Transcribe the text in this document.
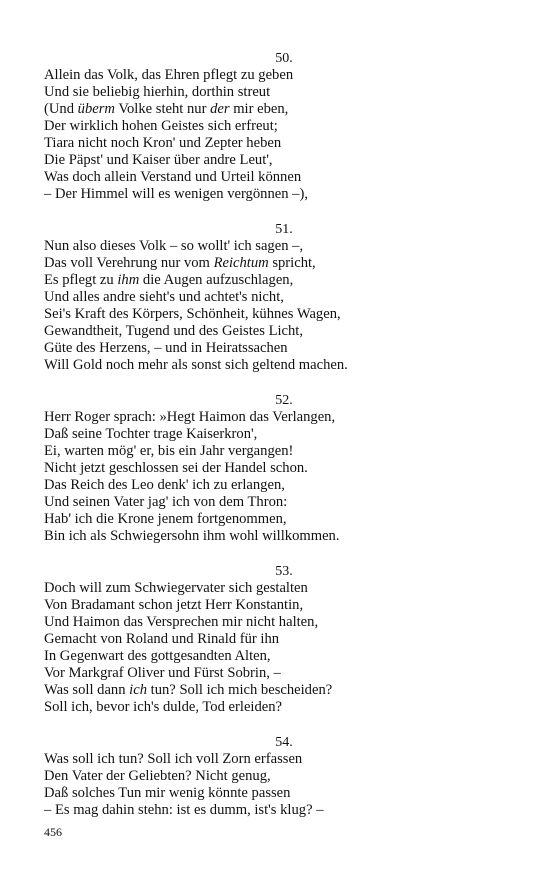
50.
Allein das Volk, das Ehren pflegt zu geben
Und sie beliebig hierhin, dorthin streut
(Und überm Volke steht nur der mir eben,
Der wirklich hohen Geistes sich erfreut;
Tiara nicht noch Kron' und Zepter heben
Die Päpst' und Kaiser über andre Leut',
Was doch allein Verstand und Urteil können
– Der Himmel will es wenigen vergönnen –),
51.
Nun also dieses Volk – so wollt' ich sagen –,
Das voll Verehrung nur vom Reichtum spricht,
Es pflegt zu ihm die Augen aufzuschlagen,
Und alles andre sieht's und achtet's nicht,
Sei's Kraft des Körpers, Schönheit, kühnes Wagen,
Gewandtheit, Tugend und des Geistes Licht,
Güte des Herzens, – und in Heiratssachen
Will Gold noch mehr als sonst sich geltend machen.
52.
Herr Roger sprach: »Hegt Haimon das Verlangen,
Daß seine Tochter trage Kaiserkron',
Ei, warten mög' er, bis ein Jahr vergangen!
Nicht jetzt geschlossen sei der Handel schon.
Das Reich des Leo denk' ich zu erlangen,
Und seinen Vater jag' ich von dem Thron:
Hab' ich die Krone jenem fortgenommen,
Bin ich als Schwiegersohn ihm wohl willkommen.
53.
Doch will zum Schwiegervater sich gestalten
Von Bradamant schon jetzt Herr Konstantin,
Und Haimon das Versprechen mir nicht halten,
Gemacht von Roland und Rinald für ihn
In Gegenwart des gottgesandten Alten,
Vor Markgraf Oliver und Fürst Sobrin, –
Was soll dann ich tun? Soll ich mich bescheiden?
Soll ich, bevor ich's dulde, Tod erleiden?
54.
Was soll ich tun? Soll ich voll Zorn erfassen
Den Vater der Geliebten? Nicht genug,
Daß solches Tun mir wenig könnte passen
– Es mag dahin stehn: ist es dumm, ist's klug? –
456
